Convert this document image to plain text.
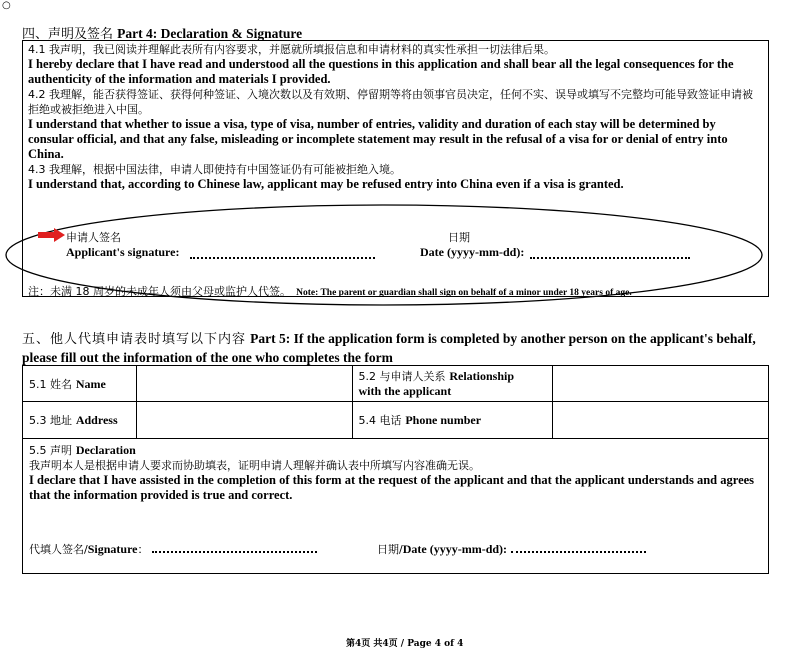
○
四、声明及签名 Part 4: Declaration & Signature
4.1 我声明，我已阅读并理解此表所有内容要求，并愿就所填报信息和申请材料的真实性承担一切法律后果。
I hereby declare that I have read and understood all the questions in this application and shall bear all the legal consequences for the authenticity of the information and materials I provided.
4.2 我理解，能否获得签证、获得何种签证、入境次数以及有效期、停留期等将由领事官员决定，任何不实、误导或填写不完整均可能导致签证申请被拒绝或被拒绝进入中国。
I understand that whether to issue a visa, type of visa, number of entries, validity and duration of each stay will be determined by consular official, and that any false, misleading or incomplete statement may result in the refusal of a visa for or denial of entry into China.
4.3 我理解，根据中国法律，申请人即使持有中国签证仍有可能被拒绝入境。
I understand that, according to Chinese law, applicant may be refused entry into China even if a visa is granted.
申请人签名
Applicant's signature:
日期
Date (yyyy-mm-dd):
注：未满 18 周岁的未成年人须由父母或监护人代签。 Note: The parent or guardian shall sign on behalf of a minor under 18 years of age.
五、他人代填申请表时填写以下内容 Part 5: If the application form is completed by another person on the applicant's behalf, please fill out the information of the one who completes the form
5.1 姓名 Name		5.2 与申请人关系 Relationship
with the applicant	
5.3 地址 Address		5.4 电话 Phone number	

5.5 声明 Declaration
我声明本人是根据申请人要求而协助填表，证明申请人理解并确认表中所填写内容准确无误。
I declare that I have assisted in the completion of this form at the request of the applicant and that the applicant understands and agrees that the information provided is true and correct.
代填人签名/Signature： 日期/Date (yyyy-mm-dd):			
第4页 共4页 / Page 4 of 4
